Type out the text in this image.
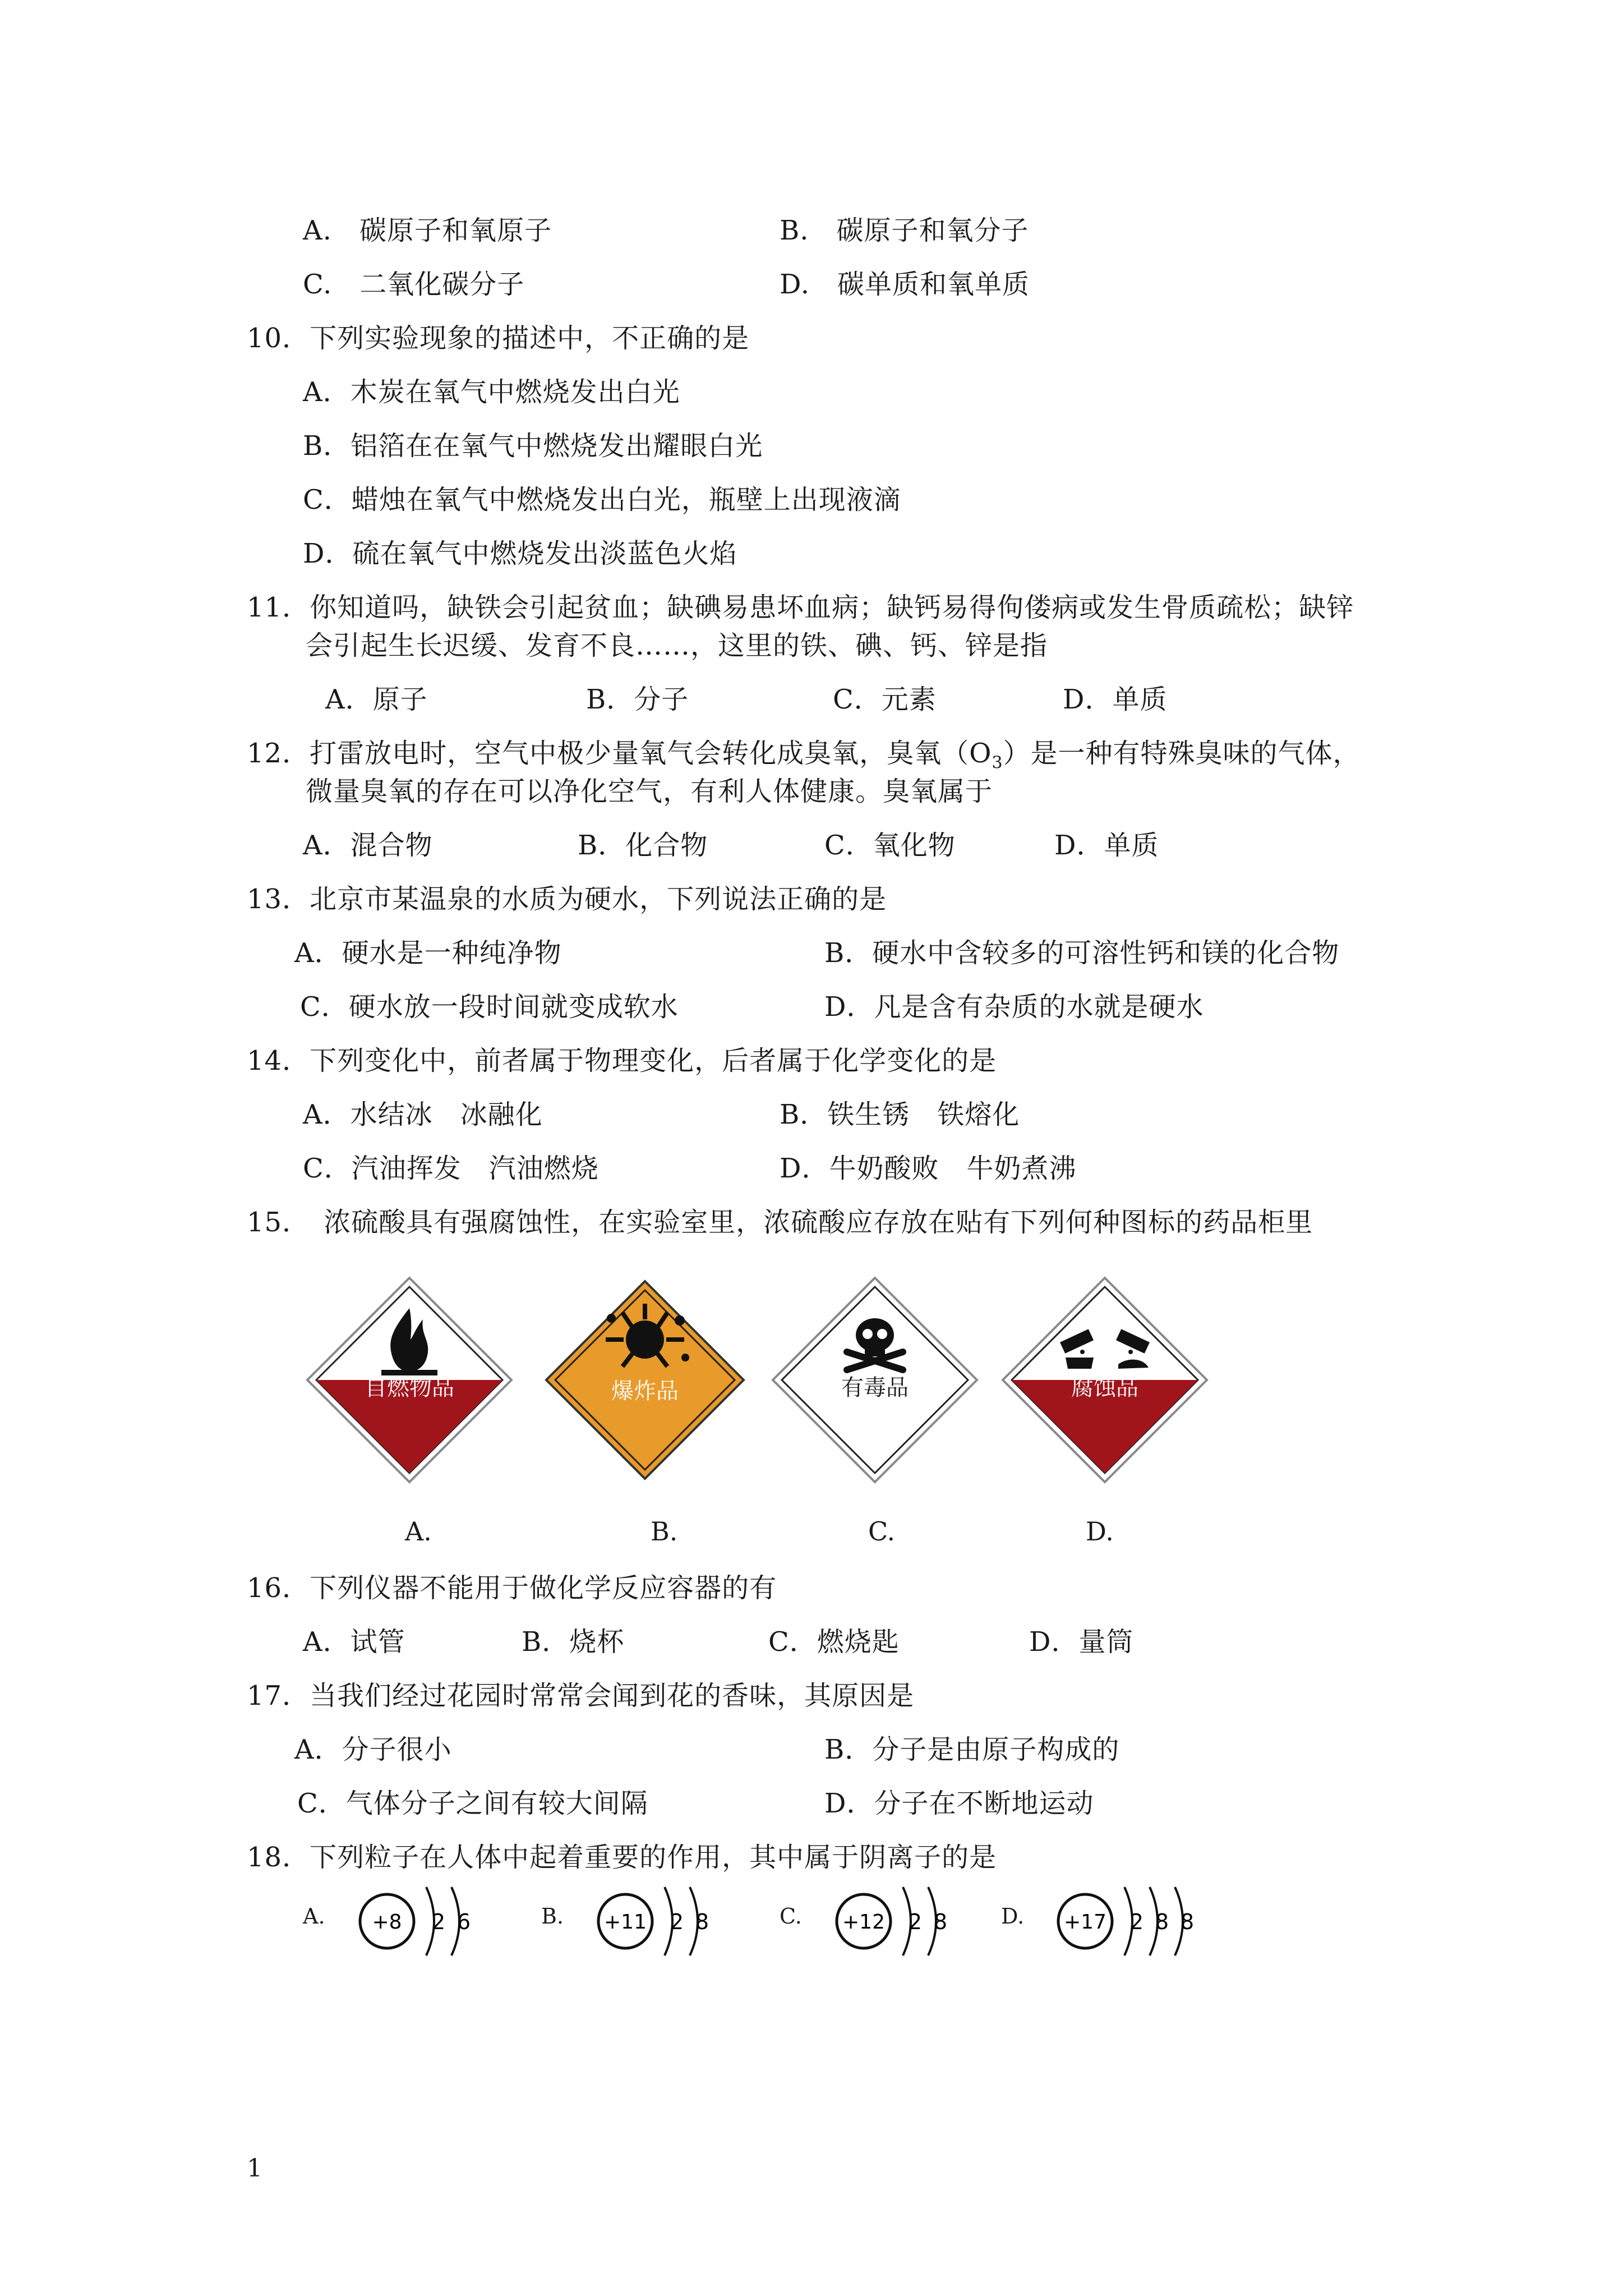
A.　 碳原子和氧原子	B.　 碳原子和氧分子
C.　 二氧化碳分子	D.　 碳单质和氧单质
10．下列实验现象的描述中，不正确的是
A．木炭在氧气中燃烧发出白光
B．铝箔在在氧气中燃烧发出耀眼白光
C．蜡烛在氧气中燃烧发出白光，瓶壁上出现液滴
D．硫在氧气中燃烧发出淡蓝色火焰
11．你知道吗，缺铁会引起贫血；缺碘易患坏血病；缺钙易得佝偻病或发生骨质疏松；缺锌
会引起生长迟缓、发育不良……，这里的铁、碘、钙、锌是指
A．原子	B．分子	C．元素	D．单质
12．打雷放电时，空气中极少量氧气会转化成臭氧，臭氧$(O_3)$是一种有特殊臭味的气体，
微量臭氧的存在可以净化空气，有利人体健康。臭氧属于
A．混合物	B．化合物	C．氧化物	D．单质
13．北京市某温泉的水质为硬水，下列说法正确的是
A．硬水是一种纯净物	B．硬水中含较多的可溶性钙和镁的化合物
C．硬水放一段时间就变成软水	D．凡是含有杂质的水就是硬水
14．下列变化中，前者属于物理变化，后者属于化学变化的是
A．水结冰　冰融化	B．铁生锈　铁熔化
C．汽油挥发　汽油燃烧	D．牛奶酸败　牛奶煮沸
15．　浓硫酸具有强腐蚀性，在实验室里，浓硫酸应存放在贴有下列何种图标的药品柜里
自燃物品	爆炸品	有毒品	腐蚀品
A.	B.	C.	D.
16．下列仪器不能用于做化学反应容器的有
A．试管	B．烧杯	C．燃烧匙	D．量筒
17．当我们经过花园时常常会闻到花的香味，其原因是
A．分子很小	B．分子是由原子构成的
C．气体分子之间有较大间隔	D．分子在不断地运动
18．下列粒子在人体中起着重要的作用，其中属于阴离子的是
A. +8 2 6	B. +11 2 8	C. +12 2 8	D. +17 2 8 8
1
